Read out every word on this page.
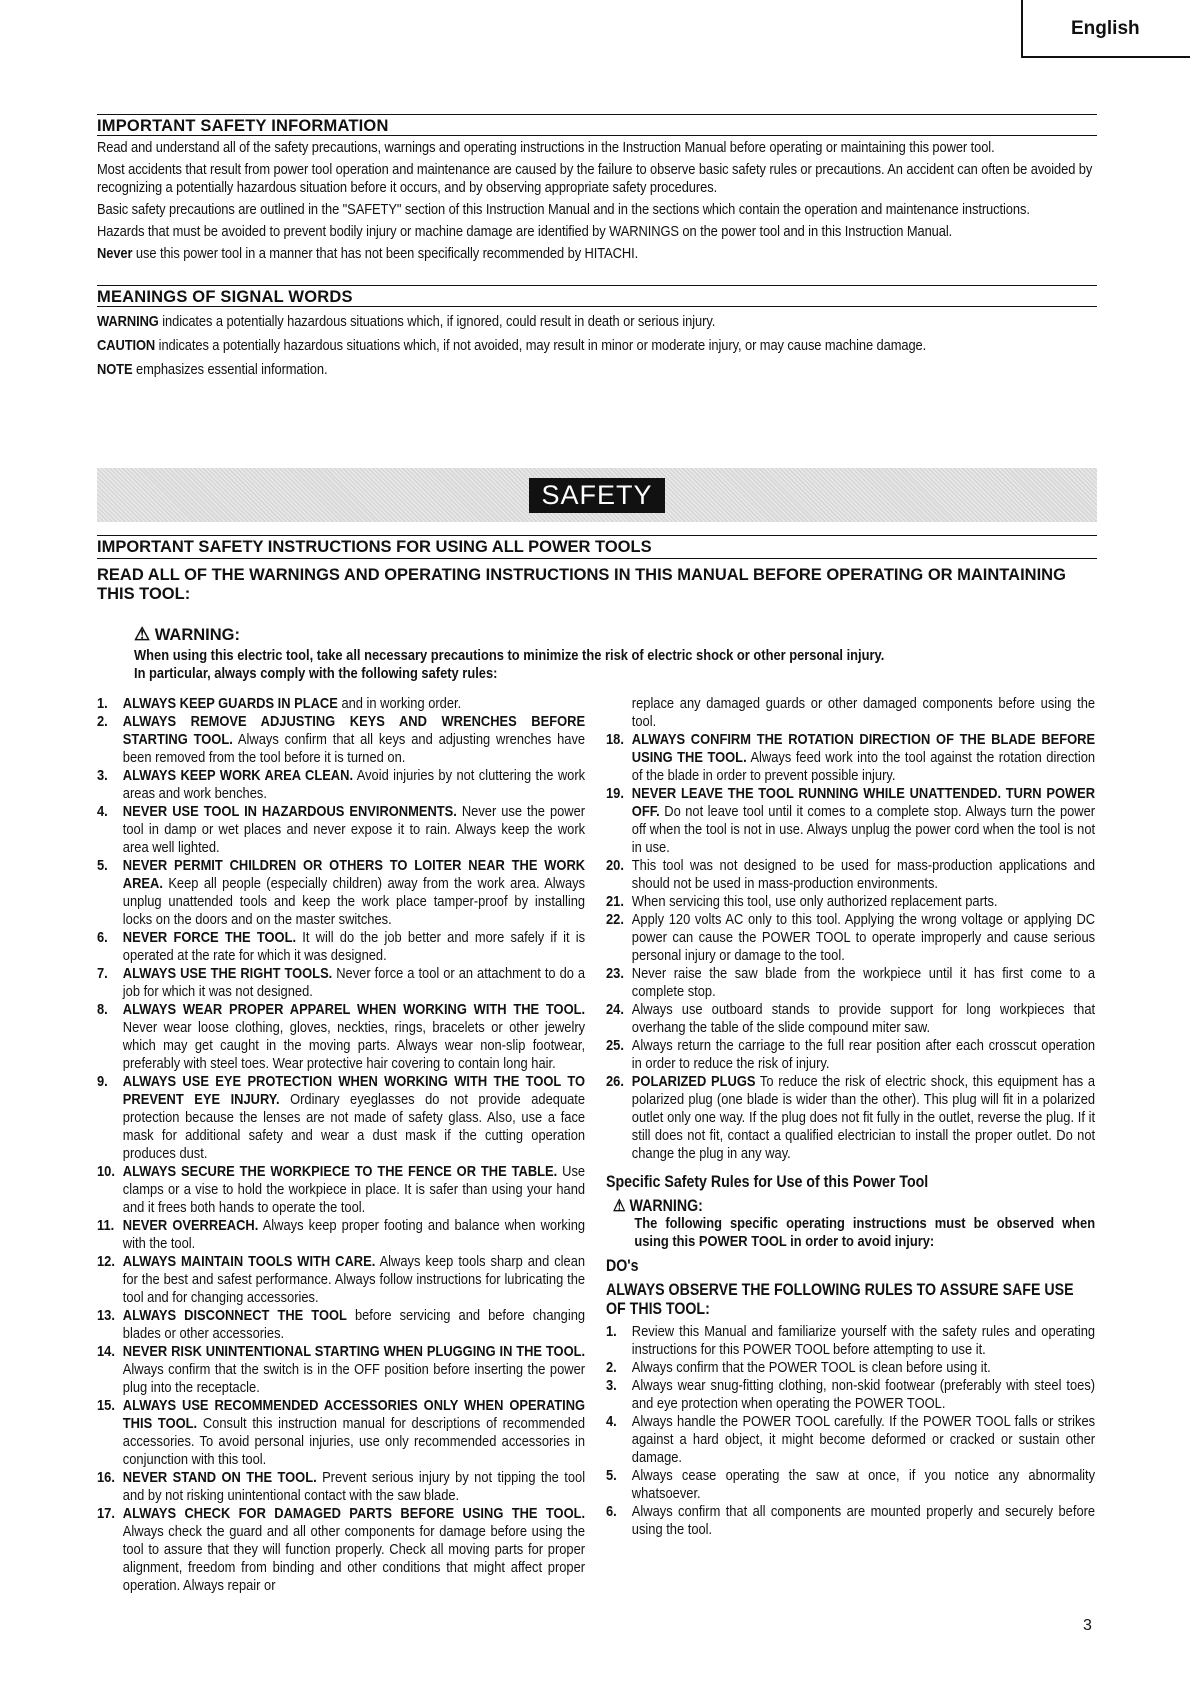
English
IMPORTANT SAFETY INFORMATION

Read and understand all of the safety precautions, warnings and operating instructions in the Instruction Manual before operating or maintaining this power tool.

Most accidents that result from power tool operation and maintenance are caused by the failure to observe basic safety rules or precautions. An accident can often be avoided by recognizing a potentially hazardous situation before it occurs, and by observing appropriate safety procedures.

Basic safety precautions are outlined in the "SAFETY" section of this Instruction Manual and in the sections which contain the operation and maintenance instructions.

Hazards that must be avoided to prevent bodily injury or machine damage are identified by WARNINGS on the power tool and in this Instruction Manual.

Never use this power tool in a manner that has not been specifically recommended by HITACHI.

MEANINGS OF SIGNAL WORDS

WARNING indicates a potentially hazardous situations which, if ignored, could result in death or serious injury.

CAUTION indicates a potentially hazardous situations which, if not avoided, may result in minor or moderate injury, or may cause machine damage.

NOTE emphasizes essential information.

SAFETY
IMPORTANT SAFETY INSTRUCTIONS FOR USING ALL POWER TOOLS
READ ALL OF THE WARNINGS AND OPERATING INSTRUCTIONS IN THIS MANUAL BEFORE OPERATING OR MAINTAINING THIS TOOL:
⚠ WARNING:
When using this electric tool, take all necessary precautions to minimize the risk of electric shock or other personal injury.
In particular, always comply with the following safety rules:
1.	ALWAYS KEEP GUARDS IN PLACE and in working order.
2.	ALWAYS REMOVE ADJUSTING KEYS AND WRENCHES BEFORE STARTING TOOL. Always confirm that all keys and adjusting wrenches have been removed from the tool before it is turned on.
3.	ALWAYS KEEP WORK AREA CLEAN. Avoid injuries by not cluttering the work areas and work benches.
4.	NEVER USE TOOL IN HAZARDOUS ENVIRONMENTS. Never use the power tool in damp or wet places and never expose it to rain. Always keep the work area well lighted.
5.	NEVER PERMIT CHILDREN OR OTHERS TO LOITER NEAR THE WORK AREA. Keep all people (especially children) away from the work area. Always unplug unattended tools and keep the work place tamper-proof by installing locks on the doors and on the master switches.
6.	NEVER FORCE THE TOOL. It will do the job better and more safely if it is operated at the rate for which it was designed.
7.	ALWAYS USE THE RIGHT TOOLS. Never force a tool or an attachment to do a job for which it was not designed.
8.	ALWAYS WEAR PROPER APPAREL WHEN WORKING WITH THE TOOL. Never wear loose clothing, gloves, neckties, rings, bracelets or other jewelry which may get caught in the moving parts. Always wear non-slip footwear, preferably with steel toes. Wear protective hair covering to contain long hair.
9.	ALWAYS USE EYE PROTECTION WHEN WORKING WITH THE TOOL TO PREVENT EYE INJURY. Ordinary eyeglasses do not provide adequate protection because the lenses are not made of safety glass. Also, use a face mask for additional safety and wear a dust mask if the cutting operation produces dust.
10. ALWAYS SECURE THE WORKPIECE TO THE FENCE OR THE TABLE. Use clamps or a vise to hold the workpiece in place. It is safer than using your hand and it frees both hands to operate the tool.
11. NEVER OVERREACH. Always keep proper footing and balance when working with the tool.
12. ALWAYS MAINTAIN TOOLS WITH CARE. Always keep tools sharp and clean for the best and safest performance. Always follow instructions for lubricating the tool and for changing accessories.
13. ALWAYS DISCONNECT THE TOOL before servicing and before changing blades or other accessories.
14. NEVER RISK UNINTENTIONAL STARTING WHEN PLUGGING IN THE TOOL. Always confirm that the switch is in the OFF position before inserting the power plug into the receptacle.
15. ALWAYS USE RECOMMENDED ACCESSORIES ONLY WHEN OPERATING THIS TOOL. Consult this instruction manual for descriptions of recommended accessories. To avoid personal injuries, use only recommended accessories in conjunction with this tool.
16. NEVER STAND ON THE TOOL. Prevent serious injury by not tipping the tool and by not risking unintentional contact with the saw blade.
17. ALWAYS CHECK FOR DAMAGED PARTS BEFORE USING THE TOOL. Always check the guard and all other components for damage before using the tool to assure that they will function properly. Check all moving parts for proper alignment, freedom from binding and other conditions that might affect proper operation. Always repair or
replace any damaged guards or other damaged components before using the tool.
18. ALWAYS CONFIRM THE ROTATION DIRECTION OF THE BLADE BEFORE USING THE TOOL. Always feed work into the tool against the rotation direction of the blade in order to prevent possible injury.
19. NEVER LEAVE THE TOOL RUNNING WHILE UNATTENDED. TURN POWER OFF. Do not leave tool until it comes to a complete stop. Always turn the power off when the tool is not in use. Always unplug the power cord when the tool is not in use.
20. This tool was not designed to be used for mass-production applications and should not be used in mass-production environments.
21. When servicing this tool, use only authorized replacement parts.
22. Apply 120 volts AC only to this tool. Applying the wrong voltage or applying DC power can cause the POWER TOOL to operate improperly and cause serious personal injury or damage to the tool.
23. Never raise the saw blade from the workpiece until it has first come to a complete stop.
24. Always use outboard stands to provide support for long workpieces that overhang the table of the slide compound miter saw.
25. Always return the carriage to the full rear position after each crosscut operation in order to reduce the risk of injury.
26. POLARIZED PLUGS To reduce the risk of electric shock, this equipment has a polarized plug (one blade is wider than the other). This plug will fit in a polarized outlet only one way. If the plug does not fit fully in the outlet, reverse the plug. If it still does not fit, contact a qualified electrician to install the proper outlet. Do not change the plug in any way.
Specific Safety Rules for Use of this Power Tool
⚠ WARNING:
The following specific operating instructions must be observed when using this POWER TOOL in order to avoid injury:
DO's
ALWAYS OBSERVE THE FOLLOWING RULES TO ASSURE SAFE USE OF THIS TOOL:
1.	Review this Manual and familiarize yourself with the safety rules and operating instructions for this POWER TOOL before attempting to use it.
2.	Always confirm that the POWER TOOL is clean before using it.
3.	Always wear snug-fitting clothing, non-skid footwear (preferably with steel toes) and eye protection when operating the POWER TOOL.
4.	Always handle the POWER TOOL carefully. If the POWER TOOL falls or strikes against a hard object, it might become deformed or cracked or sustain other damage.
5.	Always cease operating the saw at once, if you notice any abnormality whatsoever.
6.	Always confirm that all components are mounted properly and securely before using the tool.
3
